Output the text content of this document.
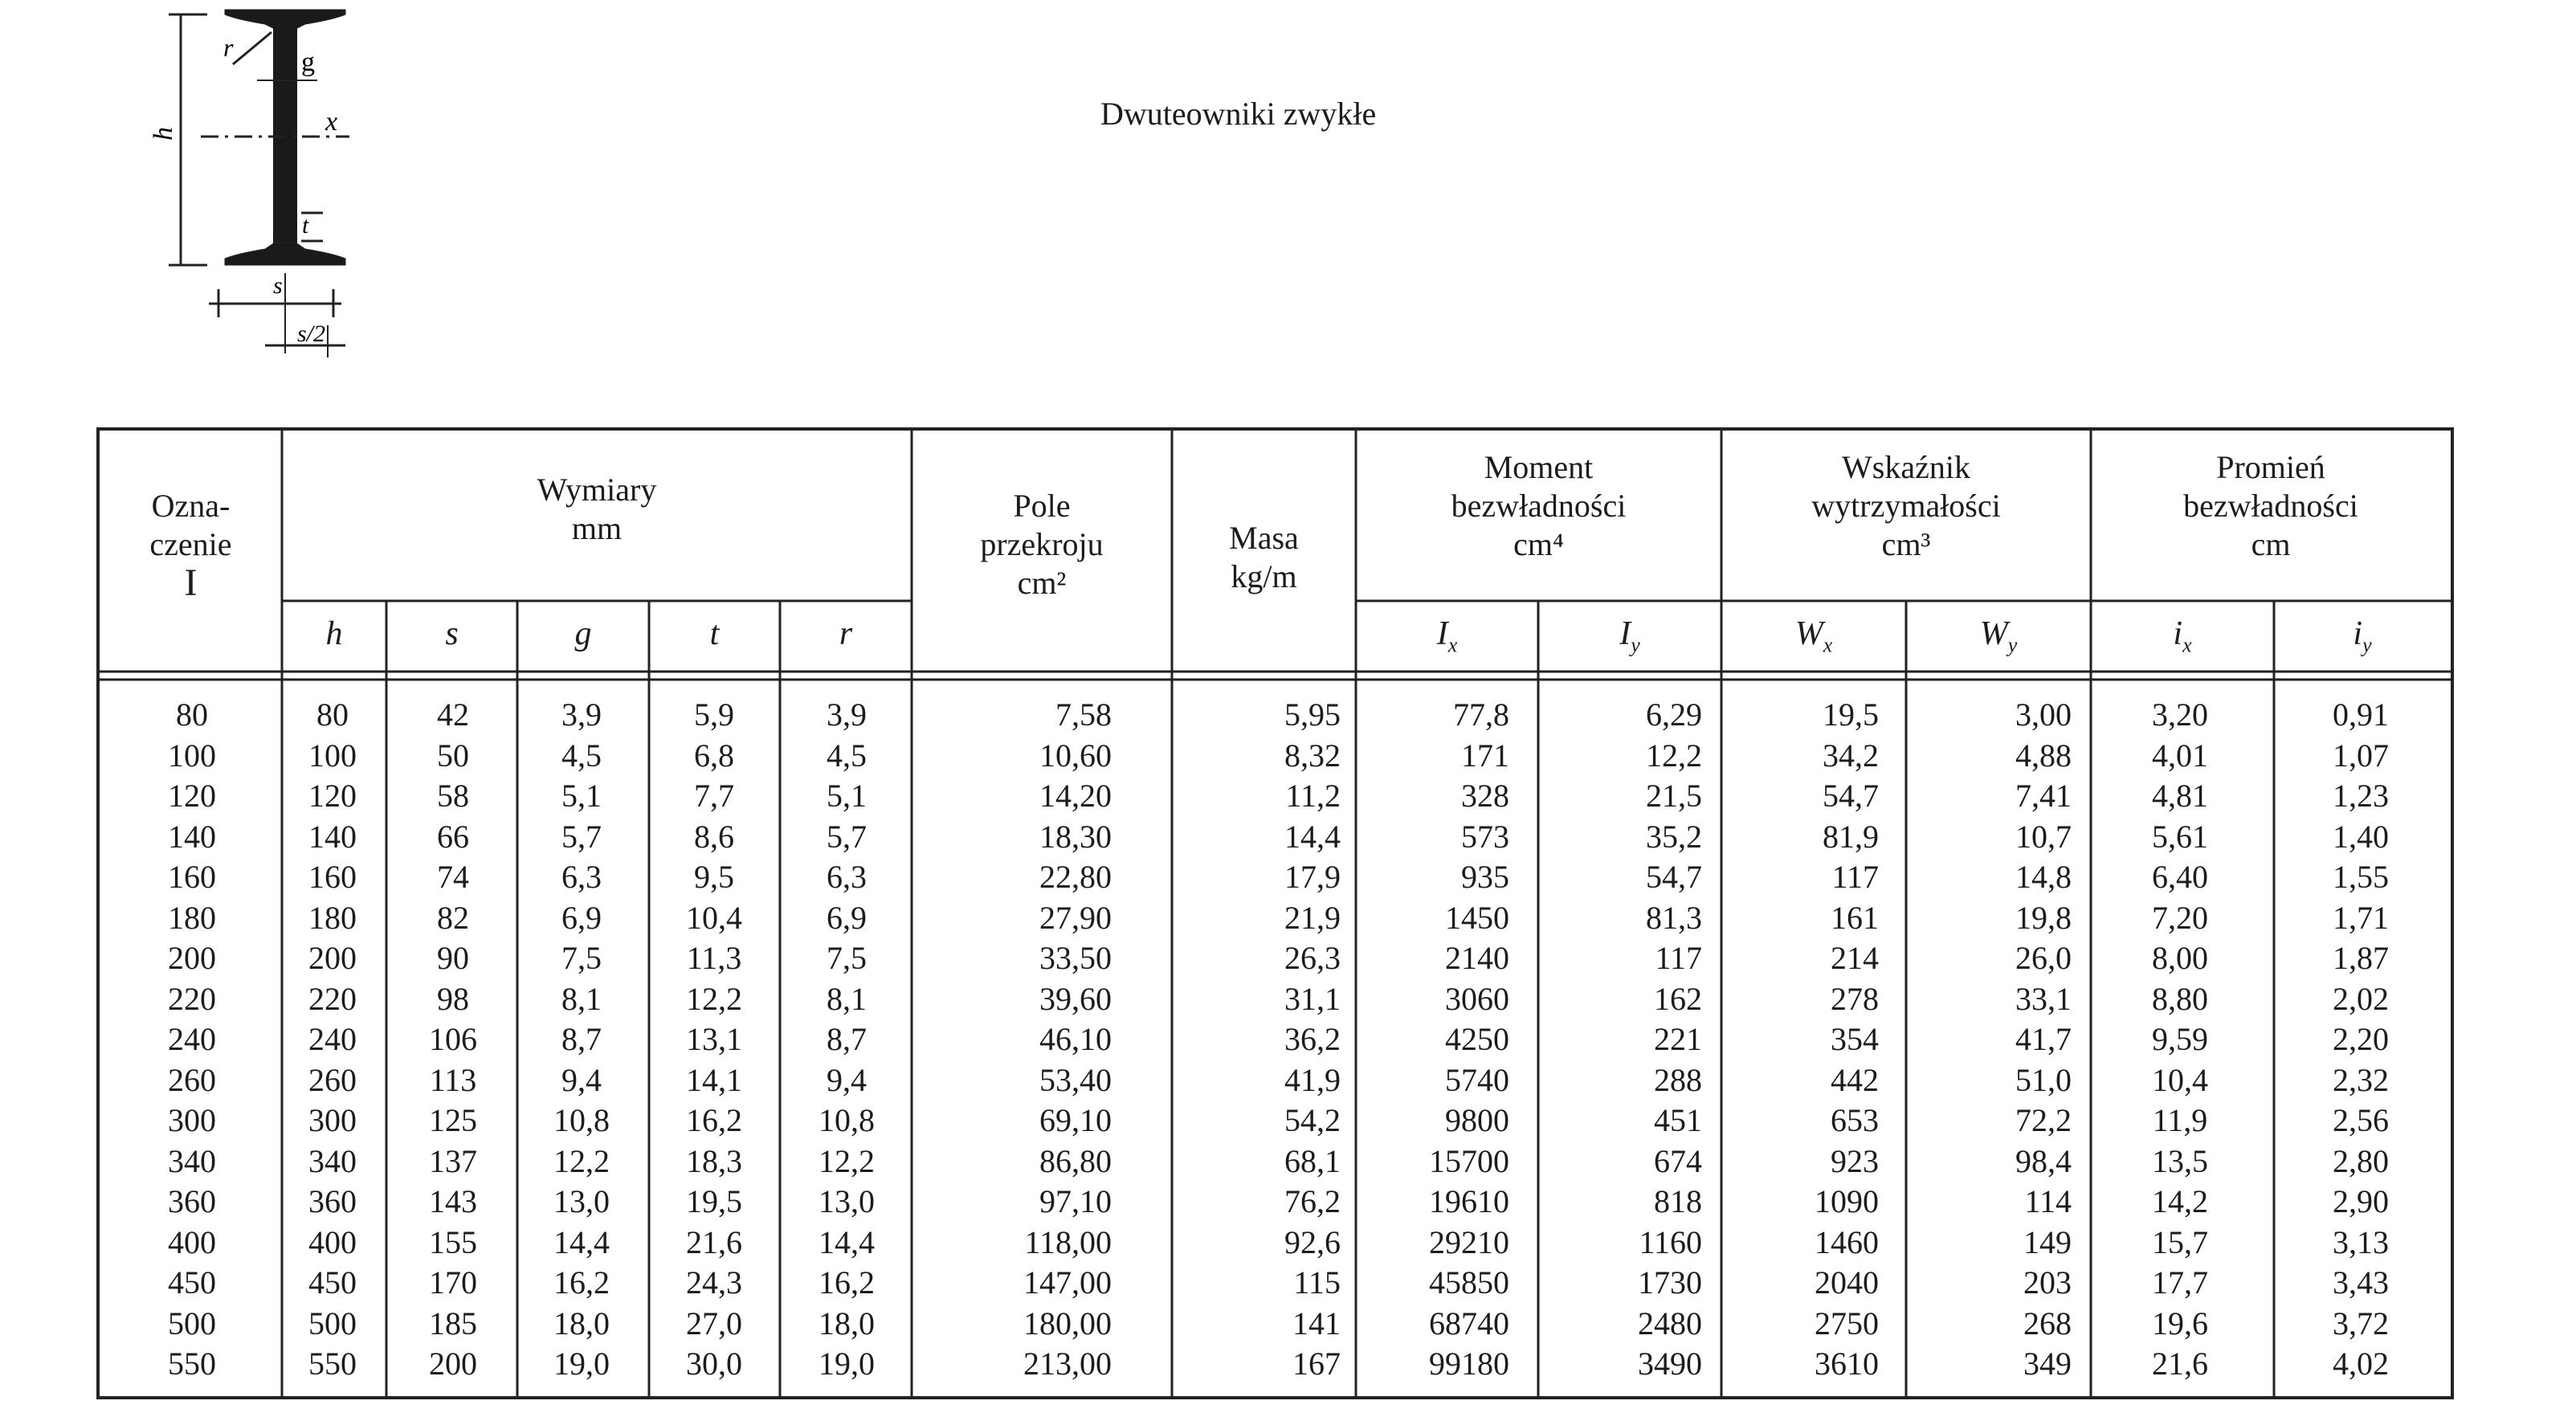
h
r g
x
t
s
s/2
Dwuteowniki zwykłe
Ozna-
czenie
I
Wymiary
mm
Pole
przekroju
cm²
Masa
kg/m
Moment
bezwładności
cm⁴
Wskaźnik
wytrzymałości
cm³
Promień
bezwładności
cm
h	s	g	t	r	$I_x$	$I_y$	$W_x$	$W_y$	$i_x$	$i_y$
80	80	42	3,9	5,9	3,9	7,58	5,95	77,8	6,29	19,5	3,00	3,20	0,91
100	100	50	4,5	6,8	4,5	10,60	8,32	171	12,2	34,2	4,88	4,01	1,07
120	120	58	5,1	7,7	5,1	14,20	11,2	328	21,5	54,7	7,41	4,81	1,23
140	140	66	5,7	8,6	5,7	18,30	14,4	573	35,2	81,9	10,7	5,61	1,40
160	160	74	6,3	9,5	6,3	22,80	17,9	935	54,7	117	14,8	6,40	1,55
180	180	82	6,9	10,4	6,9	27,90	21,9	1450	81,3	161	19,8	7,20	1,71
200	200	90	7,5	11,3	7,5	33,50	26,3	2140	117	214	26,0	8,00	1,87
220	220	98	8,1	12,2	8,1	39,60	31,1	3060	162	278	33,1	8,80	2,02
240	240	106	8,7	13,1	8,7	46,10	36,2	4250	221	354	41,7	9,59	2,20
260	260	113	9,4	14,1	9,4	53,40	41,9	5740	288	442	51,0	10,4	2,32
300	300	125	10,8	16,2	10,8	69,10	54,2	9800	451	653	72,2	11,9	2,56
340	340	137	12,2	18,3	12,2	86,80	68,1	15700	674	923	98,4	13,5	2,80
360	360	143	13,0	19,5	13,0	97,10	76,2	19610	818	1090	114	14,2	2,90
400	400	155	14,4	21,6	14,4	118,00	92,6	29210	1160	1460	149	15,7	3,13
450	450	170	16,2	24,3	16,2	147,00	115	45850	1730	2040	203	17,7	3,43
500	500	185	18,0	27,0	18,0	180,00	141	68740	2480	2750	268	19,6	3,72
550	550	200	19,0	30,0	19,0	213,00	167	99180	3490	3610	349	21,6	4,02
